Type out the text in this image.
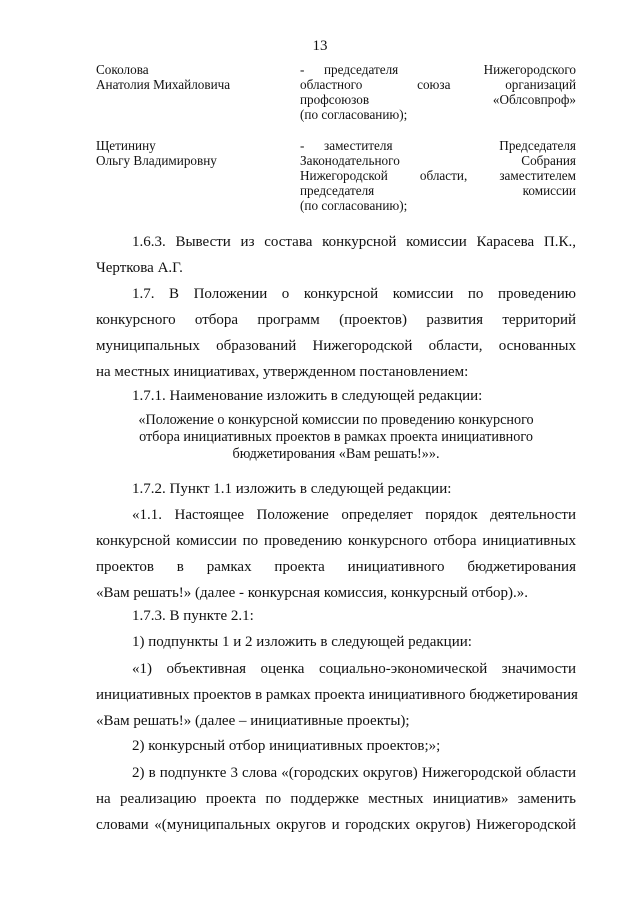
13
Соколова
Анатолия Михайловича
- председателя Нижегородского
областного союза организаций
профсоюзов «Облсовпроф»
(по согласованию);
Щетинину
Ольгу Владимировну
- заместителя Председателя
Законодательного Собрания
Нижегородской области, заместителем
председателя комиссии
(по согласованию);
1.6.3. Вывести из состава конкурсной комиссии Карасева П.К.,
Черткова А.Г.
1.7. В Положении о конкурсной комиссии по проведению
конкурсного отбора программ (проектов) развития территорий
муниципальных образований Нижегородской области, основанных
на местных инициативах, утвержденном постановлением:
1.7.1. Наименование изложить в следующей редакции:
«Положение о конкурсной комиссии по проведению конкурсного
отбора инициативных проектов в рамках проекта инициативного
бюджетирования «Вам решать!»».
1.7.2. Пункт 1.1 изложить в следующей редакции:
«1.1. Настоящее Положение определяет порядок деятельности
конкурсной комиссии по проведению конкурсного отбора инициативных
проектов в рамках проекта инициативного бюджетирования
«Вам решать!» (далее - конкурсная комиссия, конкурсный отбор).».
1.7.3. В пункте 2.1:
1) подпункты 1 и 2 изложить в следующей редакции:
«1) объективная оценка социально-экономической значимости
инициативных проектов в рамках проекта инициативного бюджетирования
«Вам решать!» (далее – инициативные проекты);
2) конкурсный отбор инициативных проектов;»;
2) в подпункте 3 слова «(городских округов) Нижегородской области
на реализацию проекта по поддержке местных инициатив» заменить
словами «(муниципальных округов и городских округов) Нижегородской
